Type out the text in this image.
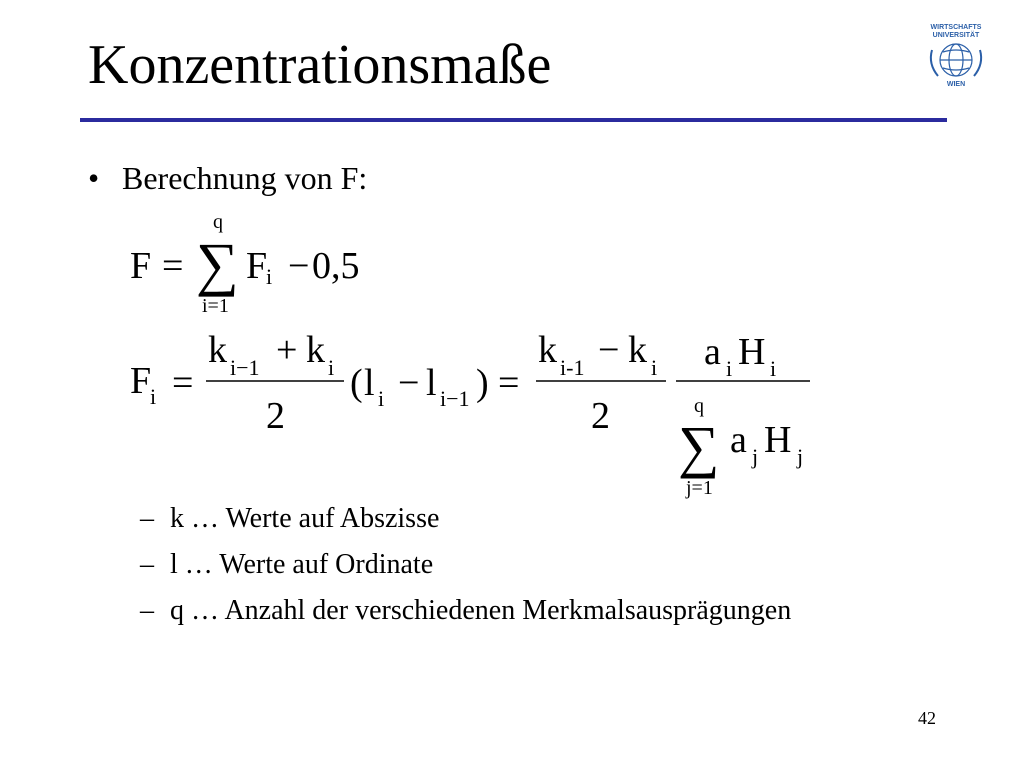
Konzentrationsmaße
WIRTSCHAFTS
UNIVERSITÄT
WIEN
• Berechnung von F:
F =
q
∑
i=1
F
i − 0,5
F
i =
k i−1 + k i
2
( l i − l i−1 ) =
k i-1 − k i
2
a i H i
q
∑
j=1
a j H j
– k … Werte auf Abszisse
– l … Werte auf Ordinate
– q … Anzahl der verschiedenen Merkmalsausprägungen
42
